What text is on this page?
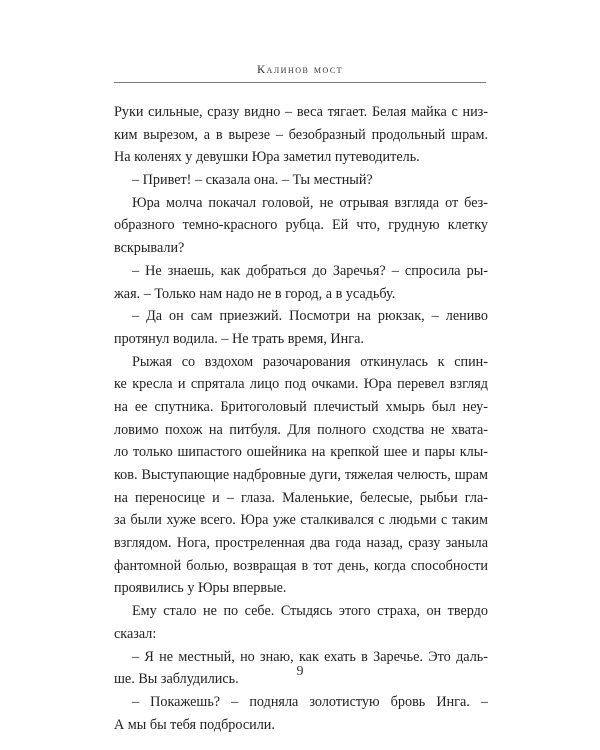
Калинов мост
Руки сильные, сразу видно – веса тягает. Белая майка с низ-
ким вырезом, а в вырезе – безобразный продольный шрам.
На коленях у девушки Юра заметил путеводитель.
– Привет! – сказала она. – Ты местный?
Юра молча покачал головой, не отрывая взгляда от без-
образного темно-красного рубца. Ей что, грудную клетку
вскрывали?
– Не знаешь, как добраться до Заречья? – спросила ры-
жая. – Только нам надо не в город, а в усадьбу.
– Да он сам приезжий. Посмотри на рюкзак, – лениво
протянул водила. – Не трать время, Инга.
Рыжая со вздохом разочарования откинулась к спин-
ке кресла и спрятала лицо под очками. Юра перевел взгляд
на ее спутника. Бритоголовый плечистый хмырь был неу-
ловимо похож на питбуля. Для полного сходства не хвата-
ло только шипастого ошейника на крепкой шее и пары клы-
ков. Выступающие надбровные дуги, тяжелая челюсть, шрам
на переносице и – глаза. Маленькие, белесые, рыбьи гла-
за были хуже всего. Юра уже сталкивался с людьми с таким
взглядом. Нога, простреленная два года назад, сразу заныла
фантомной болью, возвращая в тот день, когда способности
проявились у Юры впервые.
Ему стало не по себе. Стыдясь этого страха, он твердо
сказал:
– Я не местный, но знаю, как ехать в Заречье. Это даль-
ше. Вы заблудились.
– Покажешь? – подняла золотистую бровь Инга. –
А мы бы тебя подбросили.
9
